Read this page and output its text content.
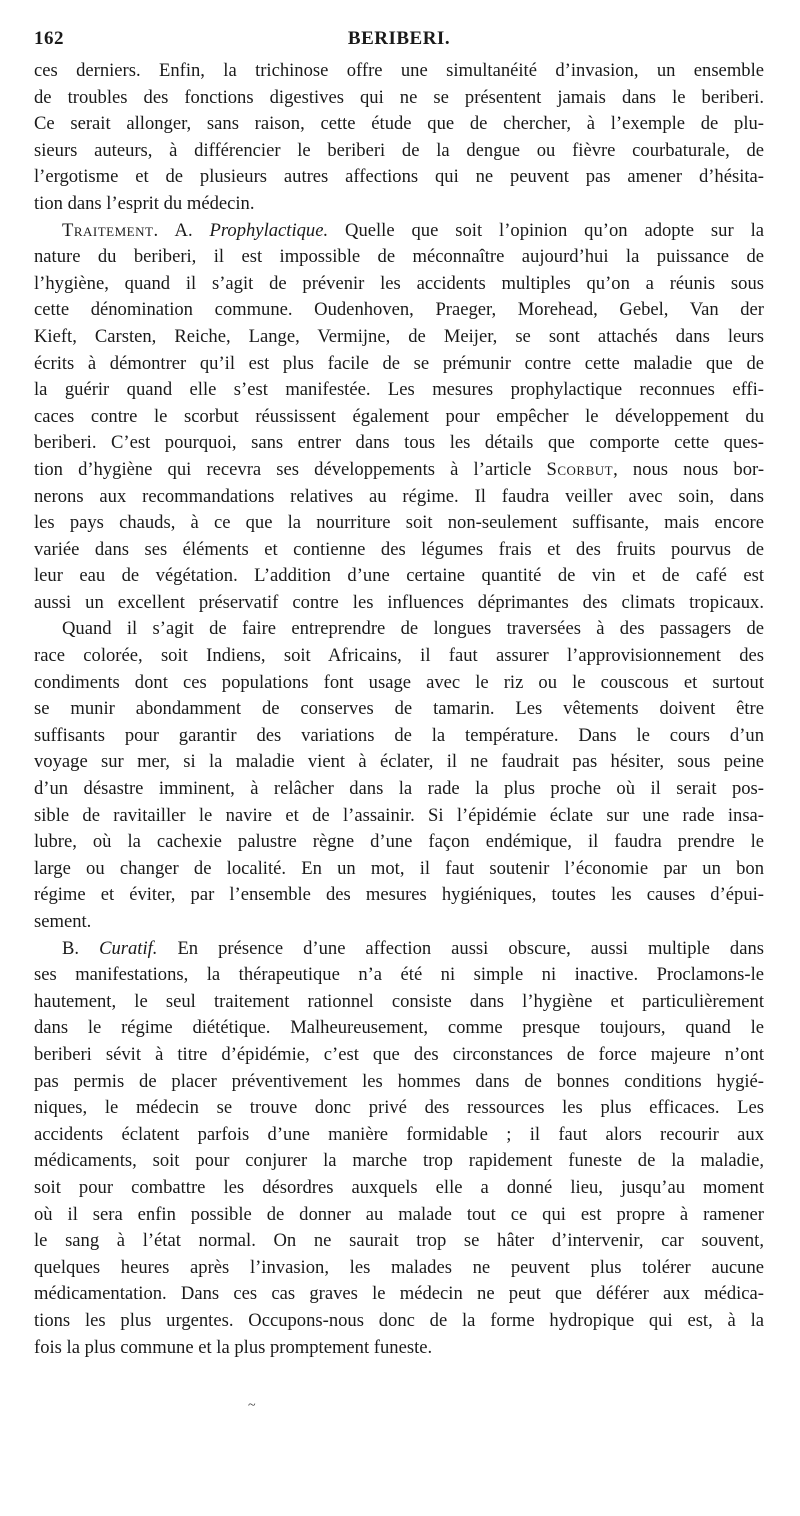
162	BERIBERI.
ces derniers. Enfin, la trichinose offre une simultanéité d’invasion, un ensemble
de troubles des fonctions digestives qui ne se présentent jamais dans le beriberi.
Ce serait allonger, sans raison, cette étude que de chercher, à l’exemple de plu-
sieurs auteurs, à différencier le beriberi de la dengue ou fièvre courbaturale, de
l’ergotisme et de plusieurs autres affections qui ne peuvent pas amener d’hésita-
tion dans l’esprit du médecin.
Traitement. A. Prophylactique. Quelle que soit l’opinion qu’on adopte sur la
nature du beriberi, il est impossible de méconnaître aujourd’hui la puissance de
l’hygiène, quand il s’agit de prévenir les accidents multiples qu’on a réunis sous
cette dénomination commune. Oudenhoven, Praeger, Morehead, Gebel, Van der
Kieft, Carsten, Reiche, Lange, Vermijne, de Meijer, se sont attachés dans leurs
écrits à démontrer qu’il est plus facile de se prémunir contre cette maladie que de
la guérir quand elle s’est manifestée. Les mesures prophylactique reconnues effi-
caces contre le scorbut réussissent également pour empêcher le développement du
beriberi. C’est pourquoi, sans entrer dans tous les détails que comporte cette ques-
tion d’hygiène qui recevra ses développements à l’article Scorbut, nous nous bor-
nerons aux recommandations relatives au régime. Il faudra veiller avec soin, dans
les pays chauds, à ce que la nourriture soit non-seulement suffisante, mais encore
variée dans ses éléments et contienne des légumes frais et des fruits pourvus de
leur eau de végétation. L’addition d’une certaine quantité de vin et de café est
aussi un excellent préservatif contre les influences déprimantes des climats tropicaux.
Quand il s’agit de faire entreprendre de longues traversées à des passagers de
race colorée, soit Indiens, soit Africains, il faut assurer l’approvisionnement des
condiments dont ces populations font usage avec le riz ou le couscous et surtout
se munir abondamment de conserves de tamarin. Les vêtements doivent être
suffisants pour garantir des variations de la température. Dans le cours d’un
voyage sur mer, si la maladie vient à éclater, il ne faudrait pas hésiter, sous peine
d’un désastre imminent, à relâcher dans la rade la plus proche où il serait pos-
sible de ravitailler le navire et de l’assainir. Si l’épidémie éclate sur une rade insa-
lubre, où la cachexie palustre règne d’une façon endémique, il faudra prendre le
large ou changer de localité. En un mot, il faut soutenir l’économie par un bon
régime et éviter, par l’ensemble des mesures hygiéniques, toutes les causes d’épui-
sement.
B. Curatif. En présence d’une affection aussi obscure, aussi multiple dans
ses manifestations, la thérapeutique n’a été ni simple ni inactive. Proclamons-le
hautement, le seul traitement rationnel consiste dans l’hygiène et particulièrement
dans le régime diététique. Malheureusement, comme presque toujours, quand le
beriberi sévit à titre d’épidémie, c’est que des circonstances de force majeure n’ont
pas permis de placer préventivement les hommes dans de bonnes conditions hygié-
niques, le médecin se trouve donc privé des ressources les plus efficaces. Les
accidents éclatent parfois d’une manière formidable ; il faut alors recourir aux
médicaments, soit pour conjurer la marche trop rapidement funeste de la maladie,
soit pour combattre les désordres auxquels elle a donné lieu, jusqu’au moment
où il sera enfin possible de donner au malade tout ce qui est propre à ramener
le sang à l’état normal. On ne saurait trop se hâter d’intervenir, car souvent,
quelques heures après l’invasion, les malades ne peuvent plus tolérer aucune
médicamentation. Dans ces cas graves le médecin ne peut que déférer aux médica-
tions les plus urgentes. Occupons-nous donc de la forme hydropique qui est, à la
fois la plus commune et la plus promptement funeste.
~
